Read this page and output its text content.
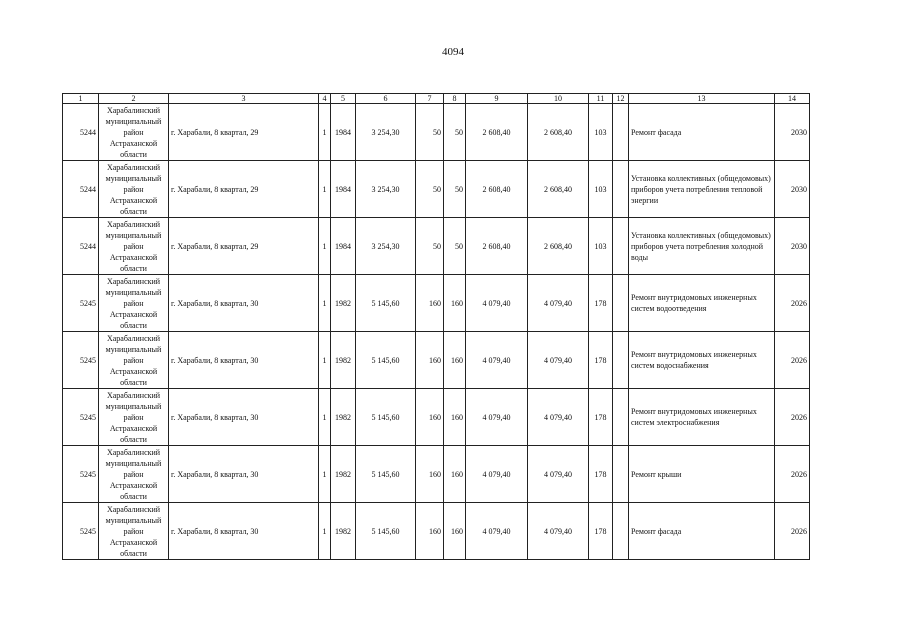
4094
1	2	3	4	5	6	7	8	9	10	11	12	13	14
5244	Харабалинский муниципальный район Астраханской области	г. Харабали, 8 квартал, 29	1	1984	3 254,30	50	50	2 608,40	2 608,40	103		Ремонт фасада	2030
5244	Харабалинский муниципальный район Астраханской области	г. Харабали, 8 квартал, 29	1	1984	3 254,30	50	50	2 608,40	2 608,40	103		Установка коллективных (общедомовых) приборов учета потребления тепловой энергии	2030
5244	Харабалинский муниципальный район Астраханской области	г. Харабали, 8 квартал, 29	1	1984	3 254,30	50	50	2 608,40	2 608,40	103		Установка коллективных (общедомовых) приборов учета потребления холодной воды	2030
5245	Харабалинский муниципальный район Астраханской области	г. Харабали, 8 квартал, 30	1	1982	5 145,60	160	160	4 079,40	4 079,40	178		Ремонт внутридомовых инженерных систем водоотведения	2026
5245	Харабалинский муниципальный район Астраханской области	г. Харабали, 8 квартал, 30	1	1982	5 145,60	160	160	4 079,40	4 079,40	178		Ремонт внутридомовых инженерных систем водоснабжения	2026
5245	Харабалинский муниципальный район Астраханской области	г. Харабали, 8 квартал, 30	1	1982	5 145,60	160	160	4 079,40	4 079,40	178		Ремонт внутридомовых инженерных систем электроснабжения	2026
5245	Харабалинский муниципальный район Астраханской области	г. Харабали, 8 квартал, 30	1	1982	5 145,60	160	160	4 079,40	4 079,40	178		Ремонт крыши	2026
5245	Харабалинский муниципальный район Астраханской области	г. Харабали, 8 квартал, 30	1	1982	5 145,60	160	160	4 079,40	4 079,40	178		Ремонт фасада	2026
